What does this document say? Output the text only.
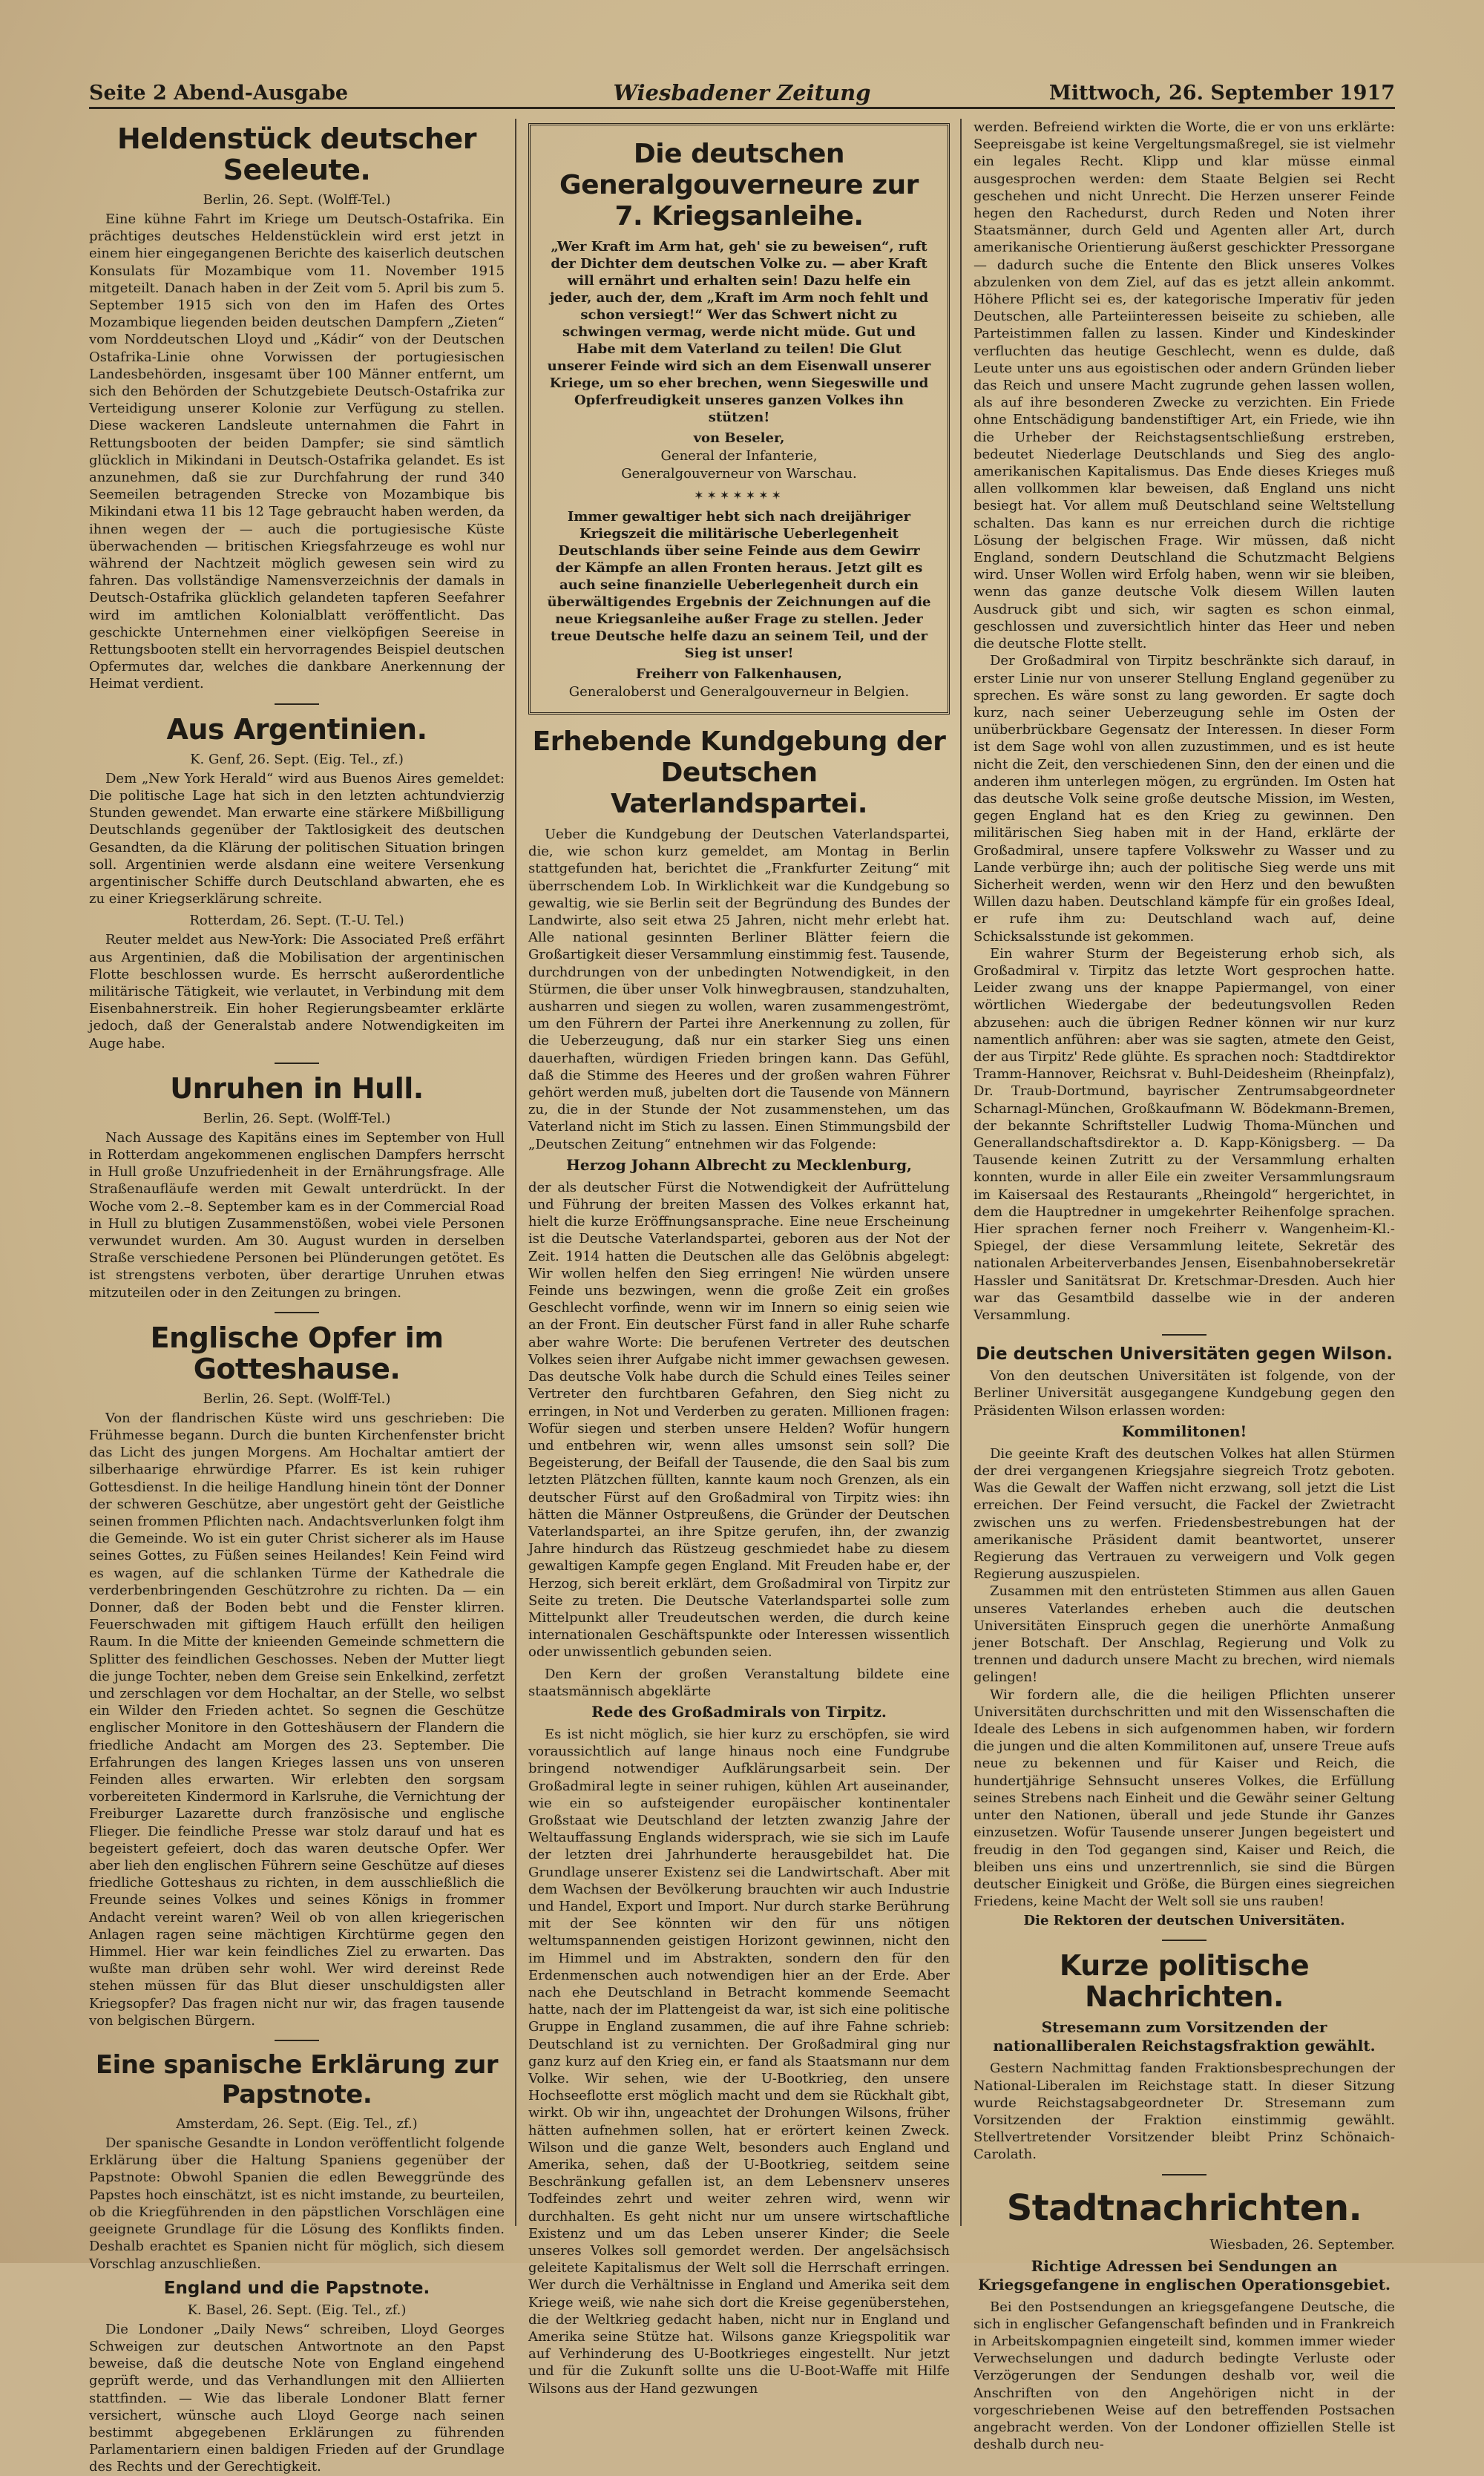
Seite 2 Abend-Ausgabe	Wiesbadener Zeitung	Mittwoch, 26. September 1917
Heldenstück deutscher Seeleute.

Berlin, 26. Sept. (Wolff-Tel.)

Eine kühne Fahrt im Kriege um Deutsch-Ostafrika. Ein prächtiges deutsches Heldenstücklein wird erst jetzt in einem hier eingegangenen Berichte des kaiserlich deutschen Konsulats für Mozambique vom 11. November 1915 mitgeteilt. Danach haben in der Zeit vom 5. April bis zum 5. September 1915 sich von den im Hafen des Ortes Mozambique liegenden beiden deutschen Dampfern „Zieten“ vom Norddeutschen Lloyd und „Kádir“ von der Deutschen Ostafrika-Linie ohne Vorwissen der portugiesischen Landesbehörden, insgesamt über 100 Männer entfernt, um sich den Behörden der Schutzgebiete Deutsch-Ostafrika zur Verteidigung unserer Kolonie zur Verfügung zu stellen. Diese wackeren Landsleute unternahmen die Fahrt in Rettungsbooten der beiden Dampfer; sie sind sämtlich glücklich in Mikindani in Deutsch-Ostafrika gelandet. Es ist anzunehmen, daß sie zur Durchfahrung der rund 340 Seemeilen betragenden Strecke von Mozambique bis Mikindani etwa 11 bis 12 Tage gebraucht haben werden, da ihnen wegen der — auch die portugiesische Küste überwachenden — britischen Kriegsfahrzeuge es wohl nur während der Nachtzeit möglich gewesen sein wird zu fahren. Das vollständige Namensverzeichnis der damals in Deutsch-Ostafrika glücklich gelandeten tapferen Seefahrer wird im amtlichen Kolonialblatt veröffentlicht. Das geschickte Unternehmen einer vielköpfigen Seereise in Rettungsbooten stellt ein hervorragendes Beispiel deutschen Opfermutes dar, welches die dankbare Anerkennung der Heimat verdient.

Aus Argentinien.

K. Genf, 26. Sept. (Eig. Tel., zf.)

Dem „New York Herald“ wird aus Buenos Aires gemeldet: Die politische Lage hat sich in den letzten achtundvierzig Stunden gewendet. Man erwarte eine stärkere Mißbilligung Deutschlands gegenüber der Taktlosigkeit des deutschen Gesandten, da die Klärung der politischen Situation bringen soll. Argentinien werde alsdann eine weitere Versenkung argentinischer Schiffe durch Deutschland abwarten, ehe es zu einer Kriegserklärung schreite.

Rotterdam, 26. Sept. (T.-U. Tel.)

Reuter meldet aus New-York: Die Associated Preß erfährt aus Argentinien, daß die Mobilisation der argentinischen Flotte beschlossen wurde. Es herrscht außerordentliche militärische Tätigkeit, wie verlautet, in Verbindung mit dem Eisenbahnerstreik. Ein hoher Regierungsbeamter erklärte jedoch, daß der Generalstab andere Notwendigkeiten im Auge habe.

Unruhen in Hull.

Berlin, 26. Sept. (Wolff-Tel.)

Nach Aussage des Kapitäns eines im September von Hull in Rotterdam angekommenen englischen Dampfers herrscht in Hull große Unzufriedenheit in der Ernährungsfrage. Alle Straßenaufläufe werden mit Gewalt unterdrückt. In der Woche vom 2.–8. September kam es in der Commercial Road in Hull zu blutigen Zusammenstößen, wobei viele Personen verwundet wurden. Am 30. August wurden in derselben Straße verschiedene Personen bei Plünderungen getötet. Es ist strengstens verboten, über derartige Unruhen etwas mitzuteilen oder in den Zeitungen zu bringen.

Englische Opfer im Gotteshause.

Berlin, 26. Sept. (Wolff-Tel.)

Von der flandrischen Küste wird uns geschrieben: Die Frühmesse begann. Durch die bunten Kirchenfenster bricht das Licht des jungen Morgens. Am Hochaltar amtiert der silberhaarige ehrwürdige Pfarrer. Es ist kein ruhiger Gottesdienst. In die heilige Handlung hinein tönt der Donner der schweren Geschütze, aber ungestört geht der Geistliche seinen frommen Pflichten nach. Andachtsverlunken folgt ihm die Gemeinde. Wo ist ein guter Christ sicherer als im Hause seines Gottes, zu Füßen seines Heilandes! Kein Feind wird es wagen, auf die schlanken Türme der Kathedrale die verderbenbringenden Geschützrohre zu richten. Da — ein Donner, daß der Boden bebt und die Fenster klirren. Feuerschwaden mit giftigem Hauch erfüllt den heiligen Raum. In die Mitte der knieenden Gemeinde schmettern die Splitter des feindlichen Geschosses. Neben der Mutter liegt die junge Tochter, neben dem Greise sein Enkelkind, zerfetzt und zerschlagen vor dem Hochaltar, an der Stelle, wo selbst ein Wilder den Frieden achtet. So segnen die Geschütze englischer Monitore in den Gotteshäusern der Flandern die friedliche Andacht am Morgen des 23. September. Die Erfahrungen des langen Krieges lassen uns von unseren Feinden alles erwarten. Wir erlebten den sorgsam vorbereiteten Kindermord in Karlsruhe, die Vernichtung der Freiburger Lazarette durch französische und englische Flieger. Die feindliche Presse war stolz darauf und hat es begeistert gefeiert, doch das waren deutsche Opfer. Wer aber lieh den englischen Führern seine Geschütze auf dieses friedliche Gotteshaus zu richten, in dem ausschließlich die Freunde seines Volkes und seines Königs in frommer Andacht vereint waren? Weil ob von allen kriegerischen Anlagen ragen seine mächtigen Kirchtürme gegen den Himmel. Hier war kein feindliches Ziel zu erwarten. Das wußte man drüben sehr wohl. Wer wird dereinst Rede stehen müssen für das Blut dieser unschuldigsten aller Kriegsopfer? Das fragen nicht nur wir, das fragen tausende von belgischen Bürgern.

Eine spanische Erklärung zur Papstnote.

Amsterdam, 26. Sept. (Eig. Tel., zf.)

Der spanische Gesandte in London veröffentlicht folgende Erklärung über die Haltung Spaniens gegenüber der Papstnote: Obwohl Spanien die edlen Beweggründe des Papstes hoch einschätzt, ist es nicht imstande, zu beurteilen, ob die Kriegführenden in den päpstlichen Vorschlägen eine geeignete Grundlage für die Lösung des Konflikts finden. Deshalb erachtet es Spanien nicht für möglich, sich diesem Vorschlag anzuschließen.

England und die Papstnote.

K. Basel, 26. Sept. (Eig. Tel., zf.)

Die Londoner „Daily News“ schreiben, Lloyd Georges Schweigen zur deutschen Antwortnote an den Papst beweise, daß die deutsche Note von England eingehend geprüft werde, und das Verhandlungen mit den Alliierten stattfinden. — Wie das liberale Londoner Blatt ferner versichert, wünsche auch Lloyd George nach seinen bestimmt abgegebenen Erklärungen zu führenden Parlamentariern einen baldigen Frieden auf der Grundlage des Rechts und der Gerechtigkeit.

Die deutschen Generalgouverneure zur 7. Kriegsanleihe.

„Wer Kraft im Arm hat, geh' sie zu beweisen“, ruft der Dichter dem deutschen Volke zu. — aber Kraft will ernährt und erhalten sein! Dazu helfe ein jeder, auch der, dem „Kraft im Arm noch fehlt und schon versiegt!“ Wer das Schwert nicht zu schwingen vermag, werde nicht müde. Gut und Habe mit dem Vaterland zu teilen! Die Glut unserer Feinde wird sich an dem Eisenwall unserer Kriege, um so eher brechen, wenn Siegeswille und Opferfreudigkeit unseres ganzen Volkes ihn stützen!

von Beseler,

General der Infanterie,

Generalgouverneur von Warschau.

✶✶✶✶✶✶✶

Immer gewaltiger hebt sich nach dreijähriger Kriegszeit die militärische Ueberlegenheit Deutschlands über seine Feinde aus dem Gewirr der Kämpfe an allen Fronten heraus. Jetzt gilt es auch seine finanzielle Ueberlegenheit durch ein überwältigendes Ergebnis der Zeichnungen auf die neue Kriegsanleihe außer Frage zu stellen. Jeder treue Deutsche helfe dazu an seinem Teil, und der Sieg ist unser!

Freiherr von Falkenhausen,

Generaloberst und Generalgouverneur in Belgien.

Erhebende Kundgebung der Deutschen Vaterlandspartei.

Ueber die Kundgebung der Deutschen Vaterlandspartei, die, wie schon kurz gemeldet, am Montag in Berlin stattgefunden hat, berichtet die „Frankfurter Zeitung“ mit überrschendem Lob. In Wirklichkeit war die Kundgebung so gewaltig, wie sie Berlin seit der Begründung des Bundes der Landwirte, also seit etwa 25 Jahren, nicht mehr erlebt hat. Alle national gesinnten Berliner Blätter feiern die Großartigkeit dieser Versammlung einstimmig fest. Tausende, durchdrungen von der unbedingten Notwendigkeit, in den Stürmen, die über unser Volk hinwegbrausen, standzuhalten, ausharren und siegen zu wollen, waren zusammengeströmt, um den Führern der Partei ihre Anerkennung zu zollen, für die Ueberzeugung, daß nur ein starker Sieg uns einen dauerhaften, würdigen Frieden bringen kann. Das Gefühl, daß die Stimme des Heeres und der großen wahren Führer gehört werden muß, jubelten dort die Tausende von Männern zu, die in der Stunde der Not zusammenstehen, um das Vaterland nicht im Stich zu lassen. Einen Stimmungsbild der „Deutschen Zeitung“ entnehmen wir das Folgende:

Herzog Johann Albrecht zu Mecklenburg,

der als deutscher Fürst die Notwendigkeit der Aufrüttelung und Führung der breiten Massen des Volkes erkannt hat, hielt die kurze Eröffnungsansprache. Eine neue Erscheinung ist die Deutsche Vaterlandspartei, geboren aus der Not der Zeit. 1914 hatten die Deutschen alle das Gelöbnis abgelegt: Wir wollen helfen den Sieg erringen! Nie würden unsere Feinde uns bezwingen, wenn die große Zeit ein großes Geschlecht vorfinde, wenn wir im Innern so einig seien wie an der Front. Ein deutscher Fürst fand in aller Ruhe scharfe aber wahre Worte: Die berufenen Vertreter des deutschen Volkes seien ihrer Aufgabe nicht immer gewachsen gewesen. Das deutsche Volk habe durch die Schuld eines Teiles seiner Vertreter den furchtbaren Gefahren, den Sieg nicht zu erringen, in Not und Verderben zu geraten. Millionen fragen: Wofür siegen und sterben unsere Helden? Wofür hungern und entbehren wir, wenn alles umsonst sein soll? Die Begeisterung, der Beifall der Tausende, die den Saal bis zum letzten Plätzchen füllten, kannte kaum noch Grenzen, als ein deutscher Fürst auf den Großadmiral von Tirpitz wies: ihn hätten die Männer Ostpreußens, die Gründer der Deutschen Vaterlandspartei, an ihre Spitze gerufen, ihn, der zwanzig Jahre hindurch das Rüstzeug geschmiedet habe zu diesem gewaltigen Kampfe gegen England. Mit Freuden habe er, der Herzog, sich bereit erklärt, dem Großadmiral von Tirpitz zur Seite zu treten. Die Deutsche Vaterlandspartei solle zum Mittelpunkt aller Treudeutschen werden, die durch keine internationalen Geschäftspunkte oder Interessen wissentlich oder unwissentlich gebunden seien.

Den Kern der großen Veranstaltung bildete eine staatsmännisch abgeklärte

Rede des Großadmirals von Tirpitz.

Es ist nicht möglich, sie hier kurz zu erschöpfen, sie wird voraussichtlich auf lange hinaus noch eine Fundgrube bringend notwendiger Aufklärungsarbeit sein. Der Großadmiral legte in seiner ruhigen, kühlen Art auseinander, wie ein so aufsteigender europäischer kontinentaler Großstaat wie Deutschland der letzten zwanzig Jahre der Weltauffassung Englands widersprach, wie sie sich im Laufe der letzten drei Jahrhunderte herausgebildet hat. Die Grundlage unserer Existenz sei die Landwirtschaft. Aber mit dem Wachsen der Bevölkerung brauchten wir auch Industrie und Handel, Export und Import. Nur durch starke Berührung mit der See könnten wir den für uns nötigen weltumspannenden geistigen Horizont gewinnen, nicht den im Himmel und im Abstrakten, sondern den für den Erdenmenschen auch notwendigen hier an der Erde. Aber nach ehe Deutschland in Betracht kommende Seemacht hatte, nach der im Plattengeist da war, ist sich eine politische Gruppe in England zusammen, die auf ihre Fahne schrieb: Deutschland ist zu vernichten. Der Großadmiral ging nur ganz kurz auf den Krieg ein, er fand als Staatsmann nur dem Volke. Wir sehen, wie der U-Bootkrieg, den unsere Hochseeflotte erst möglich macht und dem sie Rückhalt gibt, wirkt. Ob wir ihn, ungeachtet der Drohungen Wilsons, früher hätten aufnehmen sollen, hat er erörtert keinen Zweck. Wilson und die ganze Welt, besonders auch England und Amerika, sehen, daß der U-Bootkrieg, seitdem seine Beschränkung gefallen ist, an dem Lebensnerv unseres Todfeindes zehrt und weiter zehren wird, wenn wir durchhalten. Es geht nicht nur um unsere wirtschaftliche Existenz und um das Leben unserer Kinder; die Seele unseres Volkes soll gemordet werden. Der angelsächsisch geleitete Kapitalismus der Welt soll die Herrschaft erringen. Wer durch die Verhältnisse in England und Amerika seit dem Kriege weiß, wie nahe sich dort die Kreise gegenüberstehen, die der Weltkrieg gedacht haben, nicht nur in England und Amerika seine Stütze hat. Wilsons ganze Kriegspolitik war auf Verhinderung des U-Bootkrieges eingestellt. Nur jetzt und für die Zukunft sollte uns die U-Boot-Waffe mit Hilfe Wilsons aus der Hand gezwungen

werden. Befreiend wirkten die Worte, die er von uns erklärte: Seepreisgabe ist keine Vergeltungsmaßregel, sie ist vielmehr ein legales Recht. Klipp und klar müsse einmal ausgesprochen werden: dem Staate Belgien sei Recht geschehen und nicht Unrecht. Die Herzen unserer Feinde hegen den Rachedurst, durch Reden und Noten ihrer Staatsmänner, durch Geld und Agenten aller Art, durch amerikanische Orientierung äußerst geschickter Pressorgane — dadurch suche die Entente den Blick unseres Volkes abzulenken von dem Ziel, auf das es jetzt allein ankommt. Höhere Pflicht sei es, der kategorische Imperativ für jeden Deutschen, alle Parteiinteressen beiseite zu schieben, alle Parteistimmen fallen zu lassen. Kinder und Kindeskinder verfluchten das heutige Geschlecht, wenn es dulde, daß Leute unter uns aus egoistischen oder andern Gründen lieber das Reich und unsere Macht zugrunde gehen lassen wollen, als auf ihre besonderen Zwecke zu verzichten. Ein Friede ohne Entschädigung bandenstiftiger Art, ein Friede, wie ihn die Urheber der Reichstagsentschließung erstreben, bedeutet Niederlage Deutschlands und Sieg des anglo-amerikanischen Kapitalismus. Das Ende dieses Krieges muß allen vollkommen klar beweisen, daß England uns nicht besiegt hat. Vor allem muß Deutschland seine Weltstellung schalten. Das kann es nur erreichen durch die richtige Lösung der belgischen Frage. Wir müssen, daß nicht England, sondern Deutschland die Schutzmacht Belgiens wird. Unser Wollen wird Erfolg haben, wenn wir sie bleiben, wenn das ganze deutsche Volk diesem Willen lauten Ausdruck gibt und sich, wir sagten es schon einmal, geschlossen und zuversichtlich hinter das Heer und neben die deutsche Flotte stellt.

Der Großadmiral von Tirpitz beschränkte sich darauf, in erster Linie nur von unserer Stellung England gegenüber zu sprechen. Es wäre sonst zu lang geworden. Er sagte doch kurz, nach seiner Ueberzeugung sehle im Osten der unüberbrückbare Gegensatz der Interessen. In dieser Form ist dem Sage wohl von allen zuzustimmen, und es ist heute nicht die Zeit, den verschiedenen Sinn, den der einen und die anderen ihm unterlegen mögen, zu ergründen. Im Osten hat das deutsche Volk seine große deutsche Mission, im Westen, gegen England hat es den Krieg zu gewinnen. Den militärischen Sieg haben mit in der Hand, erklärte der Großadmiral, unsere tapfere Volkswehr zu Wasser und zu Lande verbürge ihn; auch der politische Sieg werde uns mit Sicherheit werden, wenn wir den Herz und den bewußten Willen dazu haben. Deutschland kämpfe für ein großes Ideal, er rufe ihm zu: Deutschland wach auf, deine Schicksalsstunde ist gekommen.

Ein wahrer Sturm der Begeisterung erhob sich, als Großadmiral v. Tirpitz das letzte Wort gesprochen hatte. Leider zwang uns der knappe Papiermangel, von einer wörtlichen Wiedergabe der bedeutungsvollen Reden abzusehen: auch die übrigen Redner können wir nur kurz namentlich anführen: aber was sie sagten, atmete den Geist, der aus Tirpitz' Rede glühte. Es sprachen noch: Stadtdirektor Tramm-Hannover, Reichsrat v. Buhl-Deidesheim (Rheinpfalz), Dr. Traub-Dortmund, bayrischer Zentrumsabgeordneter Scharnagl-München, Großkaufmann W. Bödekmann-Bremen, der bekannte Schriftsteller Ludwig Thoma-München und Generallandschaftsdirektor a. D. Kapp-Königsberg. — Da Tausende keinen Zutritt zu der Versammlung erhalten konnten, wurde in aller Eile ein zweiter Versammlungsraum im Kaisersaal des Restaurants „Rheingold“ hergerichtet, in dem die Hauptredner in umgekehrter Reihenfolge sprachen. Hier sprachen ferner noch Freiherr v. Wangenheim-Kl.-Spiegel, der diese Versammlung leitete, Sekretär des nationalen Arbeiterverbandes Jensen, Eisenbahnobersekretär Hassler und Sanitätsrat Dr. Kretschmar-Dresden. Auch hier war das Gesamtbild dasselbe wie in der anderen Versammlung.

Die deutschen Universitäten gegen Wilson.

Von den deutschen Universitäten ist folgende, von der Berliner Universität ausgegangene Kundgebung gegen den Präsidenten Wilson erlassen worden:

Kommilitonen!

Die geeinte Kraft des deutschen Volkes hat allen Stürmen der drei vergangenen Kriegsjahre siegreich Trotz geboten. Was die Gewalt der Waffen nicht erzwang, soll jetzt die List erreichen. Der Feind versucht, die Fackel der Zwietracht zwischen uns zu werfen. Friedensbestrebungen hat der amerikanische Präsident damit beantwortet, unserer Regierung das Vertrauen zu verweigern und Volk gegen Regierung auszuspielen.

Zusammen mit den entrüsteten Stimmen aus allen Gauen unseres Vaterlandes erheben auch die deutschen Universitäten Einspruch gegen die unerhörte Anmaßung jener Botschaft. Der Anschlag, Regierung und Volk zu trennen und dadurch unsere Macht zu brechen, wird niemals gelingen!

Wir fordern alle, die die heiligen Pflichten unserer Universitäten durchschritten und mit den Wissenschaften die Ideale des Lebens in sich aufgenommen haben, wir fordern die jungen und die alten Kommilitonen auf, unsere Treue aufs neue zu bekennen und für Kaiser und Reich, die hundertjährige Sehnsucht unseres Volkes, die Erfüllung seines Strebens nach Einheit und die Gewähr seiner Geltung unter den Nationen, überall und jede Stunde ihr Ganzes einzusetzen. Wofür Tausende unserer Jungen begeistert und freudig in den Tod gegangen sind, Kaiser und Reich, die bleiben uns eins und unzertrennlich, sie sind die Bürgen deutscher Einigkeit und Größe, die Bürgen eines siegreichen Friedens, keine Macht der Welt soll sie uns rauben!

Die Rektoren der deutschen Universitäten.

Kurze politische Nachrichten.

Stresemann zum Vorsitzenden der nationalliberalen Reichstagsfraktion gewählt.

Gestern Nachmittag fanden Fraktionsbesprechungen der National-Liberalen im Reichstage statt. In dieser Sitzung wurde Reichstagsabgeordneter Dr. Stresemann zum Vorsitzenden der Fraktion einstimmig gewählt. Stellvertretender Vorsitzender bleibt Prinz Schönaich-Carolath.

Stadtnachrichten.

Wiesbaden, 26. September.

Richtige Adressen bei Sendungen an Kriegsgefangene in englischen Operationsgebiet.

Bei den Postsendungen an kriegsgefangene Deutsche, die sich in englischer Gefangenschaft befinden und in Frankreich in Arbeitskompagnien eingeteilt sind, kommen immer wieder Verwechselungen und dadurch bedingte Verluste oder Verzögerungen der Sendungen deshalb vor, weil die Anschriften von den Angehörigen nicht in der vorgeschriebenen Weise auf den betreffenden Postsachen angebracht werden. Von der Londoner offiziellen Stelle ist deshalb durch neu-
